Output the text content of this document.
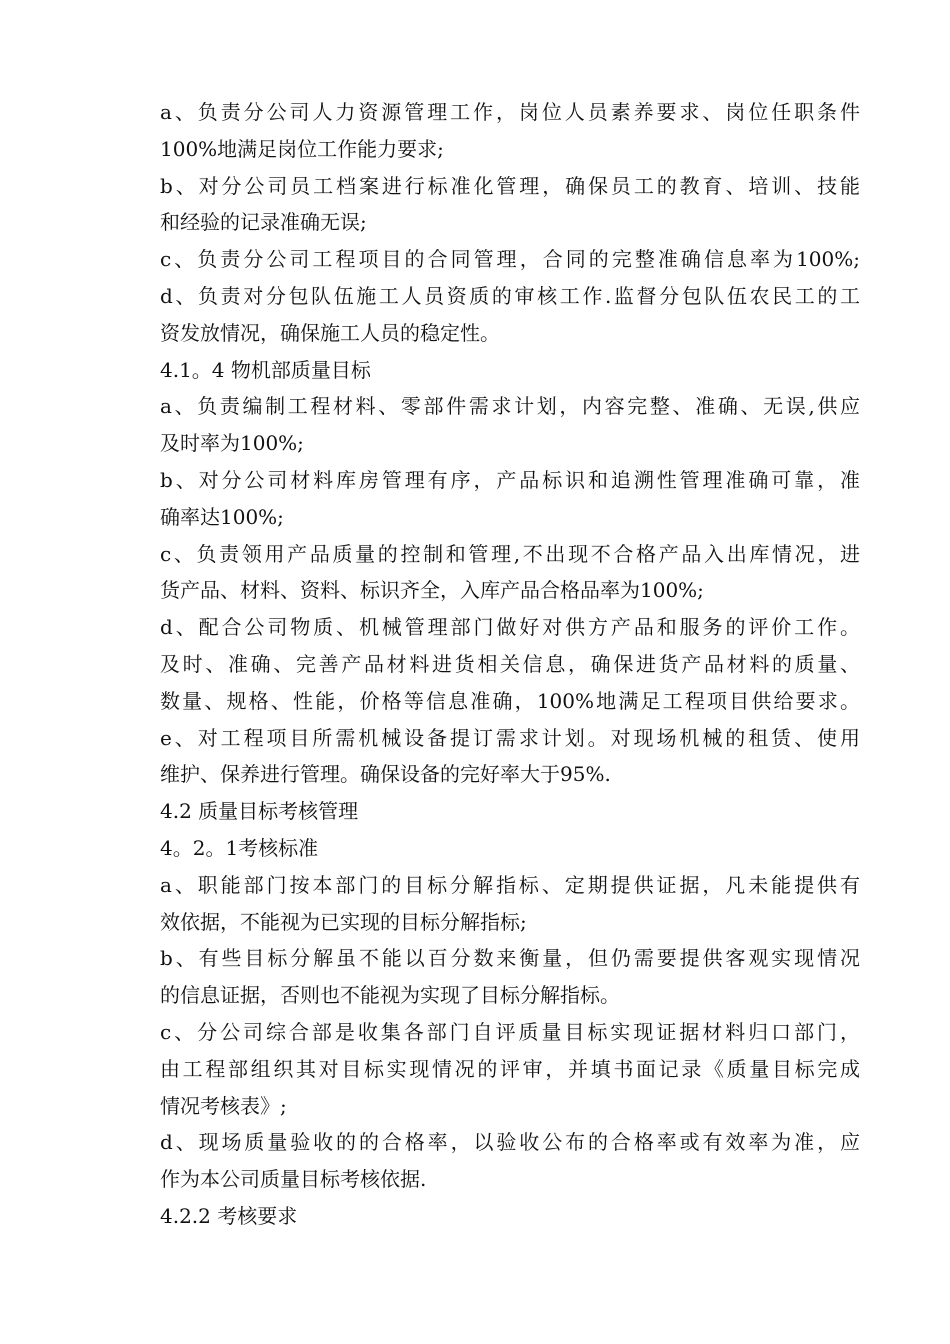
a、负责分公司人力资源管理工作，岗位人员素养要求、岗位任职条件
100%地满足岗位工作能力要求;
b、对分公司员工档案进行标准化管理，确保员工的教育、培训、技能
和经验的记录准确无误;
c、负责分公司工程项目的合同管理，合同的完整准确信息率为100%;
d、负责对分包队伍施工人员资质的审核工作.监督分包队伍农民工的工
资发放情况，确保施工人员的稳定性。
4.1。4 物机部质量目标
a、负责编制工程材料、零部件需求计划，内容完整、准确、无误,供应
及时率为100%;
b、对分公司材料库房管理有序，产品标识和追溯性管理准确可靠，准
确率达100%;
c、负责领用产品质量的控制和管理,不出现不合格产品入出库情况，进
货产品、材料、资料、标识齐全，入库产品合格品率为100%;
d、配合公司物质、机械管理部门做好对供方产品和服务的评价工作。
及时、准确、完善产品材料进货相关信息，确保进货产品材料的质量、
数量、规格、性能，价格等信息准确，100%地满足工程项目供给要求。
e、对工程项目所需机械设备提订需求计划。对现场机械的租赁、使用
维护、保养进行管理。确保设备的完好率大于95%.
4.2 质量目标考核管理
4。2。1考核标准
a、职能部门按本部门的目标分解指标、定期提供证据，凡未能提供有
效依据，不能视为已实现的目标分解指标;
b、有些目标分解虽不能以百分数来衡量，但仍需要提供客观实现情况
的信息证据，否则也不能视为实现了目标分解指标。
c、分公司综合部是收集各部门自评质量目标实现证据材料归口部门，
由工程部组织其对目标实现情况的评审，并填书面记录《质量目标完成
情况考核表》;
d、现场质量验收的的合格率，以验收公布的合格率或有效率为准，应
作为本公司质量目标考核依据.
4.2.2 考核要求
